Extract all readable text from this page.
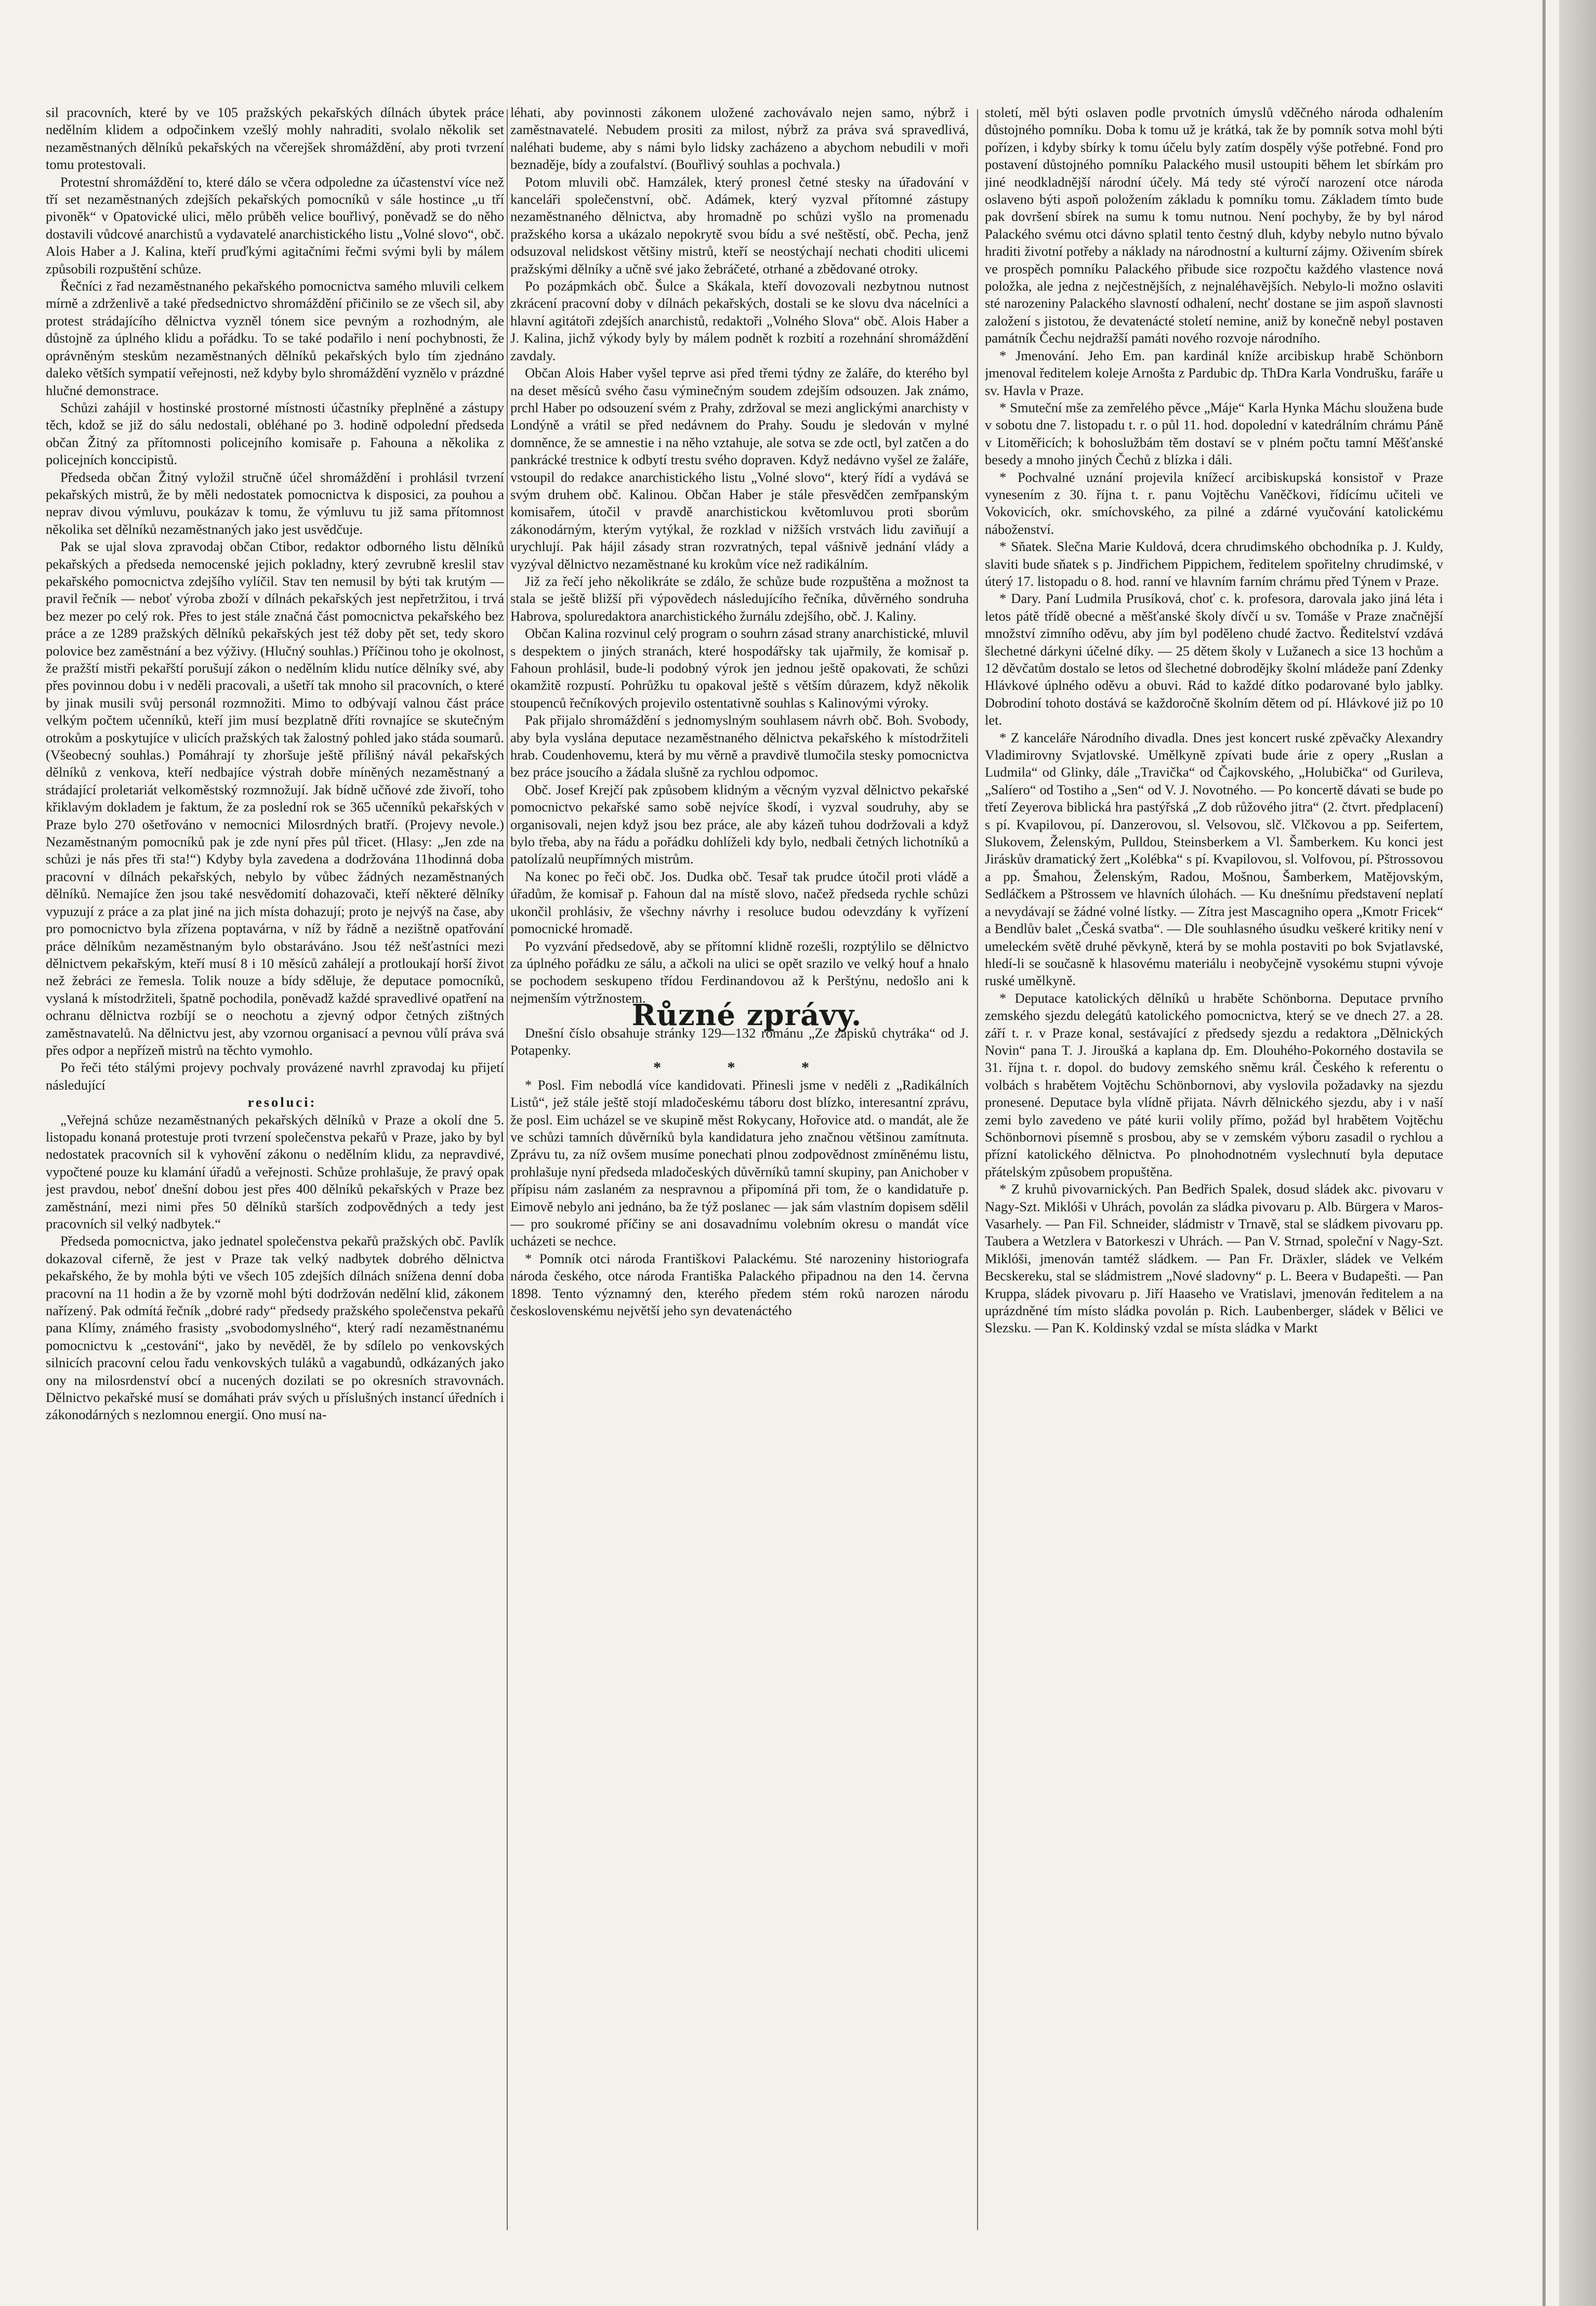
sil pracovních, které by ve 105 pražských pekařských dílnách úbytek práce nedělním klidem a odpočinkem vzešlý mohly nahraditi, svolalo několik set nezaměstnaných dělníků pekařských na včerejšek shromáždění, aby proti tvrzení tomu protestovali.

Protestní shromáždění to, které dálo se včera odpoledne za účastenství více než tří set nezaměstnaných zdejších pekařských pomocníků v sále hostince „u tří pivoněk“ v Opatovické ulici, mělo průběh velice bouřlivý, poněvadž se do něho dostavili vůdcové anarchistů a vydavatelé anarchistického listu „Volné slovo“, obč. Alois Haber a J. Kalina, kteří pruďkými agitačními řečmi svými byli by málem způsobili rozpuštění schůze.

Řečníci z řad nezaměstnaného pekařského pomocnictva samého mluvili celkem mírně a zdrženlivě a také předsednictvo shromáždění přičinilo se ze všech sil, aby protest strádajícího dělnictva vyzněl tónem sice pevným a rozhodným, ale důstojně za úplného klidu a pořádku. To se také podařilo i není pochybnosti, že oprávněným steskům nezaměstnaných dělníků pekařských bylo tím zjednáno daleko větších sympatií veřejnosti, než kdyby bylo shromáždění vyznělo v prázdné hlučné demonstrace.

Schůzi zahájil v hostinské prostorné místnosti účastníky přeplněné a zástupy těch, kdož se již do sálu nedostali, obléhané po 3. hodině odpolední předseda občan Žitný za přítomnosti policejního komisaře p. Fahouna a několika z policejních konccipistů.

Předseda občan Žitný vyložil stručně účel shromáždění i prohlásil tvrzení pekařských mistrů, že by měli nedostatek pomocnictva k disposici, za pouhou a neprav divou výmluvu, poukázav k tomu, že výmluvu tu již sama přítomnost několika set dělníků nezaměstnaných jako jest usvědčuje.

Pak se ujal slova zpravodaj občan Ctibor, redaktor odborného listu dělníků pekařských a předseda nemocenské jejich pokladny, který zevrubně kreslil stav pekařského pomocnictva zdejšího vylíčil. Stav ten nemusil by býti tak krutým — pravil řečník — neboť výroba zboží v dílnách pekařských jest nepřetržitou, i trvá bez mezer po celý rok. Přes to jest stále značná část pomocnictva pekařského bez práce a ze 1289 pražských dělníků pekařských jest též doby pět set, tedy skoro polovice bez zaměstnání a bez výživy. (Hlučný souhlas.) Příčinou toho je okolnost, že pražští mistři pekařští porušují zákon o nedělním klidu nutíce dělníky své, aby přes povinnou dobu i v neděli pracovali, a ušetří tak mnoho sil pracovních, o které by jinak musili svůj personál rozmnožiti. Mimo to odbývají valnou část práce velkým počtem učenníků, kteří jim musí bezplatně dříti rovnajíce se skutečným otrokům a poskytujíce v ulicích pražských tak žalostný pohled jako stáda soumarů. (Všeobecný souhlas.) Pomáhrají ty zhoršuje ještě přílišný návál pekařských dělníků z venkova, kteří nedbajíce výstrah dobře míněných nezaměstnaný a strádající proletariát velkoměstský rozmnožují. Jak bídně učňové zde živoří, toho křiklavým dokladem je faktum, že za poslední rok se 365 učenníků pekařských v Praze bylo 270 ošetřováno v nemocnici Milosrdných bratří. (Projevy nevole.) Nezaměstnaným pomocníků pak je zde nyní přes půl třicet. (Hlasy: „Jen zde na schůzi je nás přes tři sta!“) Kdyby byla zavedena a dodržována 11hodinná doba pracovní v dílnách pekařských, nebylo by vůbec žádných nezaměstnaných dělníků. Nemajíce žen jsou také nesvědomití dohazovači, kteří některé dělníky vypuzují z práce a za plat jiné na jich místa dohazují; proto je nejvýš na čase, aby pro pomocnictvo byla zřízena poptavárna, v níž by řádně a nezištně opatřování práce dělníkům nezaměstnaným bylo obstaráváno. Jsou též nešťastníci mezi dělnictvem pekařským, kteří musí 8 i 10 měsíců zahálejí a protloukají horší život než žebráci ze řemesla. Tolik nouze a bídy sděluje, že deputace pomocníků, vyslaná k místodržiteli, špatně pochodila, poněvadž každé spravedlivé opatření na ochranu dělnictva rozbíjí se o neochotu a zjevný odpor četných zištných zaměstnavatelů. Na dělnictvu jest, aby vzornou organisací a pevnou vůlí práva svá přes odpor a nepřízeň mistrů na těchto vymohlo.

Po řeči této stálými projevy pochvaly provázené navrhl zpravodaj ku přijetí následující

resoluci:

„Veřejná schůze nezaměstnaných pekařských dělníků v Praze a okolí dne 5. listopadu konaná protestuje proti tvrzení společenstva pekařů v Praze, jako by byl nedostatek pracovních sil k vyhovění zákonu o nedělním klidu, za nepravdivé, vypočtené pouze ku klamání úřadů a veřejnosti. Schůze prohlašuje, že pravý opak jest pravdou, neboť dnešní dobou jest přes 400 dělníků pekařských v Praze bez zaměstnání, mezi nimi přes 50 dělníků starších zodpovědných a tedy jest pracovních sil velký nadbytek.“

Předseda pomocnictva, jako jednatel společenstva pekařů pražských obč. Pavlík dokazoval ciferně, že jest v Praze tak velký nadbytek dobrého dělnictva pekařského, že by mohla býti ve všech 105 zdejších dílnách snížena denní doba pracovní na 11 hodin a že by vzorně mohl býti dodržován nedělní klid, zákonem nařízený. Pak odmítá řečník „dobré rady“ předsedy pražského společenstva pekařů pana Klímy, známého frasisty „svobodomyslného“, který radí nezaměstnanému pomocnictvu k „cestování“, jako by nevěděl, že by sdílelo po venkovských silnicích pracovní celou řadu venkovských tuláků a vagabundů, odkázaných jako ony na milosrdenství obcí a nucených dozilati se po okresních stravovnách. Dělnictvo pekařské musí se domáhati práv svých u příslušných instancí úředních i zákonodárných s nezlomnou energií. Ono musí na-

léhati, aby povinnosti zákonem uložené zachovávalo nejen samo, nýbrž i zaměstnavatelé. Nebudem prositi za milost, nýbrž za práva svá spravedlivá, naléhati budeme, aby s námi bylo lidsky zacházeno a abychom nebudili v moři beznaděje, bídy a zoufalství. (Bouřlivý souhlas a pochvala.)

Potom mluvili obč. Hamzálek, který pronesl četné stesky na úřadování v kanceláři společenstvní, obč. Adámek, který vyzval přítomné zástupy nezaměstnaného dělnictva, aby hromadně po schůzi vyšlo na promenadu pražského korsa a ukázalo nepokrytě svou bídu a své neštěstí, obč. Pecha, jenž odsuzoval nelidskost většiny mistrů, kteří se neostýchají nechati choditi ulicemi pražskými dělníky a učně své jako žebráčeté, otrhané a zbědované otroky.

Po pozápmkách obč. Šulce a Skákala, kteří dovozovali nezbytnou nutnost zkrácení pracovní doby v dílnách pekařských, dostali se ke slovu dva nácelníci a hlavní agitátoři zdejších anarchistů, redaktoři „Volného Slova“ obč. Alois Haber a J. Kalina, jichž výkody byly by málem podnět k rozbití a rozehnání shromáždění zavdaly.

Občan Alois Haber vyšel teprve asi před třemi týdny ze žaláře, do kterého byl na deset měsíců svého času výminečným soudem zdejším odsouzen. Jak známo, prchl Haber po odsouzení svém z Prahy, zdržoval se mezi anglickými anarchisty v Londýně a vrátil se před nedávnem do Prahy. Soudu je sledován v mylné domněnce, že se amnestie i na něho vztahuje, ale sotva se zde octl, byl zatčen a do pankrácké trestnice k odbytí trestu svého dopraven. Když nedávno vyšel ze žaláře, vstoupil do redakce anarchistického listu „Volné slovo“, který řídí a vydává se svým druhem obč. Kalinou. Občan Haber je stále přesvědčen zemřpanským komisařem, útočil v pravdě anarchistickou květomluvou proti sborům zákonodárným, kterým vytýkal, že rozklad v nižších vrstvách lidu zaviňují a urychlují. Pak hájil zásady stran rozvratných, tepal vášnivě jednání vlády a vyzýval dělnictvo nezaměstnané ku krokům více než radikálním.

Již za řečí jeho několikráte se zdálo, že schůze bude rozpuštěna a možnost ta stala se ještě bližší při výpovědech následujícího řečníka, důvěrného sondruha Habrova, spoluredaktora anarchistického žurnálu zdejšího, obč. J. Kaliny.

Občan Kalina rozvinul celý program o souhrn zásad strany anarchistické, mluvil s despektem o jiných stranách, které hospodářsky tak ujařmily, že komisař p. Fahoun prohlásil, bude-li podobný výrok jen jednou ještě opakovati, že schůzi okamžitě rozpustí. Pohrůžku tu opakoval ještě s větším důrazem, když několik stoupenců řečníkových projevilo ostentativně souhlas s Kalinovými výroky.

Pak přijalo shromáždění s jednomyslným souhlasem návrh obč. Boh. Svobody, aby byla vyslána deputace nezaměstnaného dělnictva pekařského k místodržiteli hrab. Coudenhovemu, která by mu věrně a pravdivě tlumočila stesky pomocnictva bez práce jsoucího a žádala slušně za rychlou odpomoc.

Obč. Josef Krejčí pak způsobem klidným a věcným vyzval dělnictvo pekařské pomocnictvo pekařské samo sobě nejvíce škodí, i vyzval soudruhy, aby se organisovali, nejen když jsou bez práce, ale aby kázeň tuhou dodržovali a když bylo třeba, aby na řádu a pořádku dohlíželi kdy bylo, nedbali četných lichotníků a patolízalů neupřímných mistrům.

Na konec po řeči obč. Jos. Dudka obč. Tesař tak prudce útočil proti vládě a úřadům, že komisař p. Fahoun dal na místě slovo, načež předseda rychle schůzi ukončil prohlásiv, že všechny návrhy i resoluce budou odevzdány k vyřízení pomocnické hromadě.

Po vyzvání předsedově, aby se přítomní klidně rozešli, rozptýlilo se dělnictvo za úplného pořádku ze sálu, a ačkoli na ulici se opět srazilo ve velký houf a hnalo se pochodem seskupeno třídou Ferdinandovou až k Perštýnu, nedošlo ani k nejmenším výtržnostem.

Různé zprávy.

Dnešní číslo obsahuje stránky 129—132 románu „Ze zápisků chytráka“ od J. Potapenky.

* * *

* Posl. Fim nebodlá více kandidovati. Přinesli jsme v neděli z „Radikálních Listů“, jež stále ještě stojí mladočeskému táboru dost blízko, interesantní zprávu, že posl. Eim ucházel se ve skupině měst Rokycany, Hořovice atd. o mandát, ale že ve schůzi tamních důvěrníků byla kandidatura jeho značnou většinou zamítnuta. Zprávu tu, za níž ovšem musíme ponechati plnou zodpovědnost zmíněnému listu, prohlašuje nyní předseda mladočeských důvěrníků tamní skupiny, pan Anichober v přípisu nám zaslaném za nespravnou a připomíná při tom, že o kandidatuře p. Eimově nebylo ani jednáno, ba že týž poslanec — jak sám vlastním dopisem sdělil — pro soukromé příčiny se ani dosavadnímu volebním okresu o mandát více ucházeti se nechce.

* Pomník otci národa Františkovi Palackému. Sté narozeniny historiografa národa českého, otce národa Františka Palackého připadnou na den 14. června 1898. Tento významný den, kterého předem stém roků narozen národu československému největší jeho syn devatenáctého

století, měl býti oslaven podle prvotních úmyslů vděčného národa odhalením důstojného pomníku. Doba k tomu už je krátká, tak že by pomník sotva mohl býti pořízen, i kdyby sbírky k tomu účelu byly zatím dospěly výše potřebné. Fond pro postavení důstojného pomníku Palackého musil ustoupiti během let sbírkám pro jiné neodkladnější národní účely. Má tedy sté výročí narození otce národa oslaveno býti aspoň položením základu k pomníku tomu. Základem tímto bude pak dovršení sbírek na sumu k tomu nutnou. Není pochyby, že by byl národ Palackého svému otci dávno splatil tento čestný dluh, kdyby nebylo nutno bývalo hraditi životní potřeby a náklady na národnostní a kulturní zájmy. Oživením sbírek ve prospěch pomníku Palackého přibude sice rozpočtu každého vlastence nová položka, ale jedna z nejčestnějších, z nejnaléhavějších. Nebylo-li možno oslaviti sté narozeniny Palackého slavností odhalení, nechť dostane se jim aspoň slavnosti založení s jistotou, že devatenácté století nemine, aniž by konečně nebyl postaven památník Čechu nejdražší památi nového rozvoje národního.

* Jmenování. Jeho Em. pan kardinál kníže arcibiskup hrabě Schönborn jmenoval ředitelem koleje Arnošta z Pardubic dp. ThDra Karla Vondrušku, faráře u sv. Havla v Praze.

* Smuteční mše za zemřelého pěvce „Máje“ Karla Hynka Máchu sloužena bude v sobotu dne 7. listopadu t. r. o půl 11. hod. dopolední v katedrálním chrámu Páně v Litoměřicích; k bohoslužbám těm dostaví se v plném počtu tamní Měšťanské besedy a mnoho jiných Čechů z blízka i dáli.

* Pochvalné uznání projevila knížecí arcibiskupská konsistoř v Praze vynesením z 30. října t. r. panu Vojtěchu Vaněčkovi, řídícímu učiteli ve Vokovicích, okr. smíchovského, za pilné a zdárné vyučování katolickému náboženství.

* Sňatek. Slečna Marie Kuldová, dcera chrudimského obchodníka p. J. Kuldy, slaviti bude sňatek s p. Jindřichem Pippichem, ředitelem spořitelny chrudimské, v úterý 17. listopadu o 8. hod. ranní ve hlavním farním chrámu před Týnem v Praze.

* Dary. Paní Ludmila Prusíková, choť c. k. profesora, darovala jako jiná léta i letos pátě třídě obecné a měšťanské školy dívčí u sv. Tomáše v Praze značnější množství zimního oděvu, aby jím byl poděleno chudé žactvo. Ředitelství vzdává šlechetné dárkyni účelné díky. — 25 dětem školy v Lužanech a sice 13 hochům a 12 děvčatům dostalo se letos od šlechetné dobrodějky školní mládeže paní Zdenky Hlávkové úplného oděvu a obuvi. Rád to každé dítko podarované bylo jablky. Dobrodiní tohoto dostává se každoročně školním dětem od pí. Hlávkové již po 10 let.

* Z kanceláře Národního divadla. Dnes jest koncert ruské zpěvačky Alexandry Vladimirovny Svjatlovské. Umělkyně zpívati bude árie z opery „Ruslan a Ludmila“ od Glinky, dále „Travička“ od Čajkovského, „Holubička“ od Gurileva, „Salíero“ od Tostiho a „Sen“ od V. J. Novotného. — Po koncertě dávati se bude po třetí Zeyerova biblická hra pastýřská „Z dob růžového jitra“ (2. čtvrt. předplacení) s pí. Kvapilovou, pí. Danzerovou, sl. Velsovou, slč. Vlčkovou a pp. Seifertem, Slukovem, Želenským, Pulldou, Steinsberkem a Vl. Šamberkem. Ku konci jest Jiráskův dramatický žert „Kolébka“ s pí. Kvapilovou, sl. Volfovou, pí. Pštrossovou a pp. Šmahou, Želenským, Radou, Mošnou, Šamberkem, Matějovským, Sedláčkem a Pštrossem ve hlavních úlohách. — Ku dnešnímu představení neplatí a nevydávají se žádné volné lístky. — Zítra jest Mascagniho opera „Kmotr Fricek“ a Bendlův balet „Česká svatba“. — Dle souhlasného úsudku veškeré kritiky není v umeleckém světě druhé pěvkyně, která by se mohla postaviti po bok Svjatlavské, hledí-li se současně k hlasovému materiálu i neobyčejně vysokému stupni vývoje ruské umělkyně.

* Deputace katolických dělníků u hraběte Schönborna. Deputace prvního zemského sjezdu delegátů katolického pomocnictva, který se ve dnech 27. a 28. září t. r. v Praze konal, sestávající z předsedy sjezdu a redaktora „Dělnických Novin“ pana T. J. Jiroušká a kaplana dp. Em. Dlouhého-Pokorného dostavila se 31. října t. r. dopol. do budovy zemského sněmu král. Českého k referentu o volbách s hrabětem Vojtěchu Schönbornovi, aby vyslovila požadavky na sjezdu pronesené. Deputace byla vlídně přijata. Návrh dělnického sjezdu, aby i v naší zemi bylo zavedeno ve páté kurii volily přímo, požád byl hrabětem Vojtěchu Schönbornovi písemně s prosbou, aby se v zemském výboru zasadil o rychlou a přízní katolického dělnictva. Po plnohodnotném vyslechnutí byla deputace přátelským způsobem propuštěna.

* Z kruhů pivovarnických. Pan Bedřich Spalek, dosud sládek akc. pivovaru v Nagy-Szt. Miklóši v Uhrách, povolán za sládka pivovaru p. Alb. Bürgera v Maros-Vasarhely. — Pan Fil. Schneider, sládmistr v Trnavě, stal se sládkem pivovaru pp. Taubera a Wetzlera v Batorkeszi v Uhrách. — Pan V. Strnad, společní v Nagy-Szt. Miklóši, jmenován tamtéž sládkem. — Pan Fr. Dräxler, sládek ve Velkém Becskereku, stal se sládmistrem „Nové sladovny“ p. L. Beera v Budapešti. — Pan Kruppa, sládek pivovaru p. Jiří Haaseho ve Vratislavi, jmenován ředitelem a na uprázdněné tím místo sládka povolán p. Rich. Laubenberger, sládek v Bělici ve Slezsku. — Pan K. Koldinský vzdal se místa sládka v Markt
